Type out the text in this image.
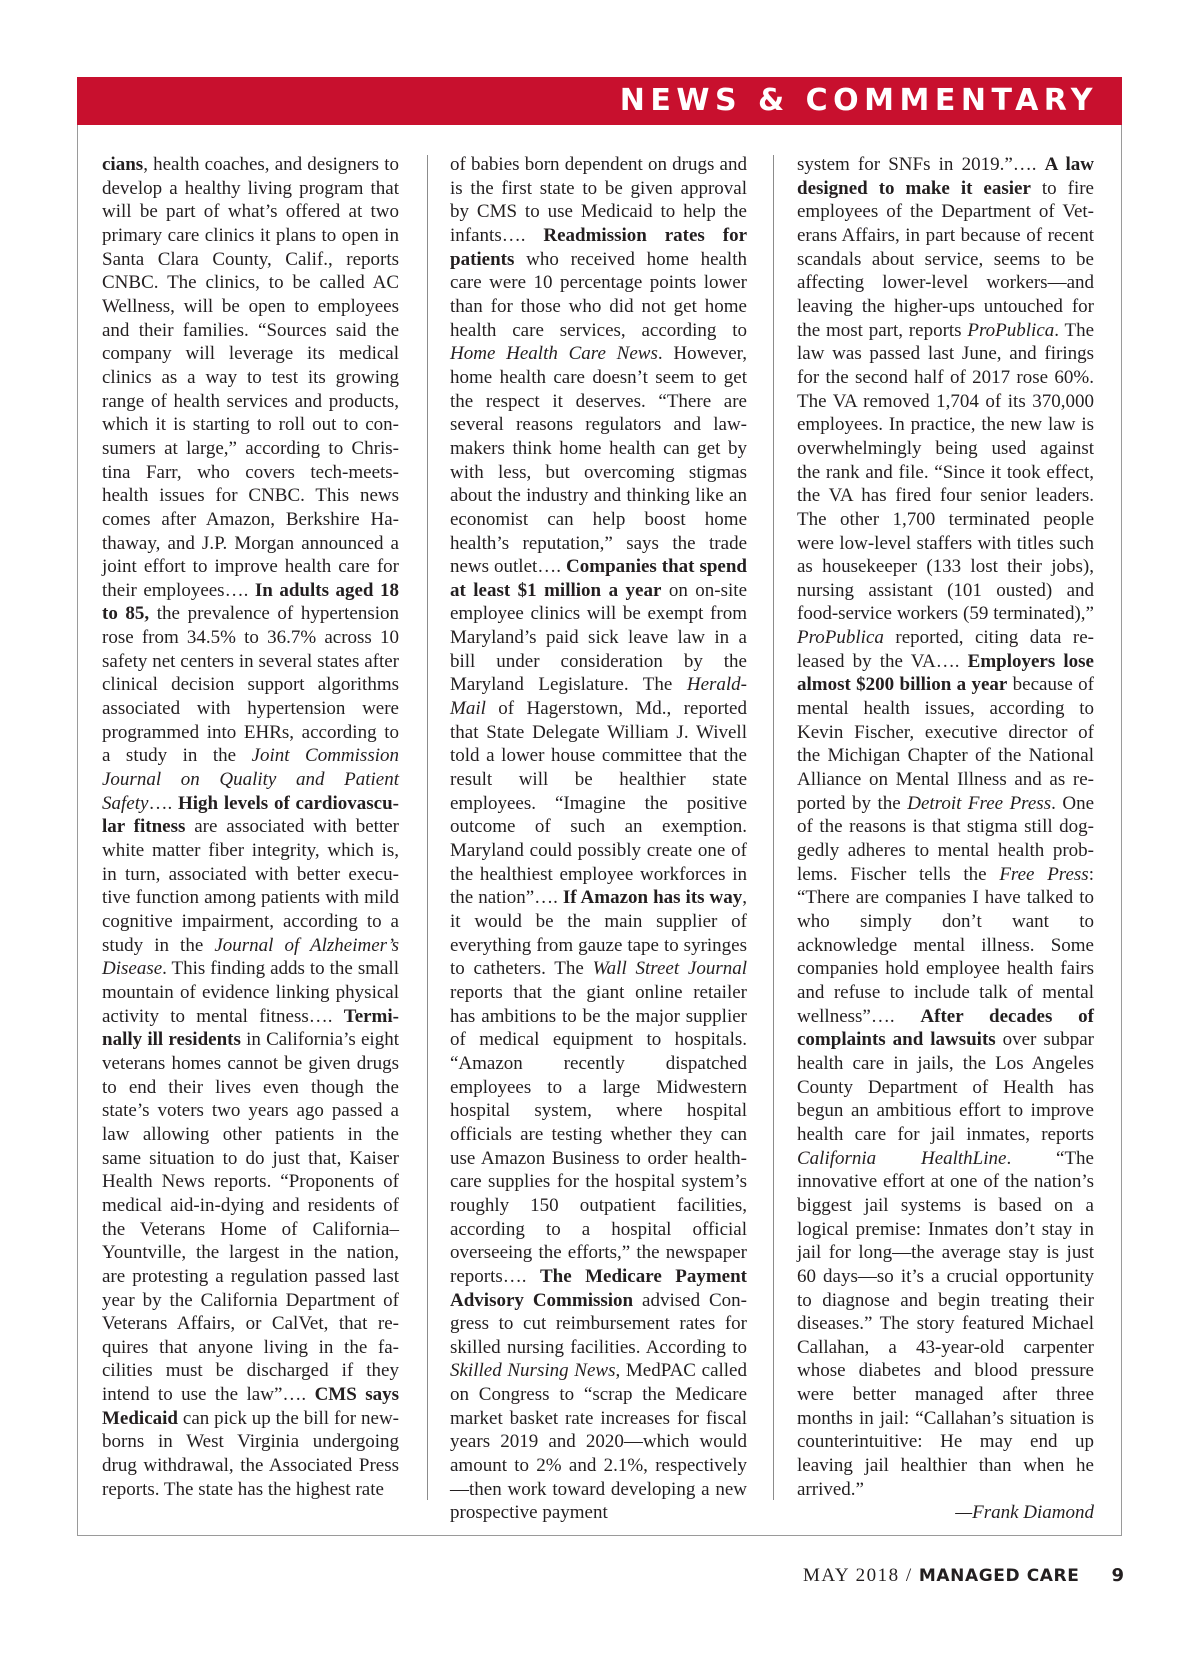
NEWS & COMMENTARY

cians, health coaches, and designers to develop a healthy living program that will be part of what’s offered at two primary care clinics it plans to open in Santa Clara County, Calif., reports CNBC. The clinics, to be called AC Wellness, will be open to employees and their families. “Sources said the company will leverage its medical clinics as a way to test its growing range of health services and products, which it is starting to roll out to consumers at large,” according to Christina Farr, who covers tech-meets-health issues for CNBC. This news comes after Amazon, Berkshire Hathaway, and J.P. Morgan announced a joint effort to improve health care for their employees…. In adults aged 18 to 85, the prevalence of hypertension rose from 34.5% to 36.7% across 10 safety net centers in several states after clinical decision support algorithms associated with hypertension were programmed into EHRs, according to a study in the Joint Commission Journal on Quality and Patient Safety…. High levels of cardiovascular fitness are associated with better white matter fiber integrity, which is, in turn, associated with better executive function among patients with mild cognitive impairment, according to a study in the Journal of Alzheimer’s Disease. This finding adds to the small mountain of evidence linking physical activity to mental fitness…. Terminally ill residents in California’s eight veterans homes cannot be given drugs to end their lives even though the state’s voters two years ago passed a law allowing other patients in the same situation to do just that, Kaiser Health News reports. “Proponents of medical aid-in-dying and residents of the Veterans Home of California–Yountville, the largest in the nation, are protesting a regulation passed last year by the California Department of Veterans Affairs, or CalVet, that requires that anyone living in the facilities must be discharged if they intend to use the law”…. CMS says Medicaid can pick up the bill for newborns in West Virginia undergoing drug withdrawal, the Associated Press reports. The state has the highest rate

of babies born dependent on drugs and is the first state to be given approval by CMS to use Medicaid to help the infants…. Readmission rates for patients who received home health care were 10 percentage points lower than for those who did not get home health care services, according to Home Health Care News. However, home health care doesn’t seem to get the respect it deserves. “There are several reasons regulators and lawmakers think home health can get by with less, but overcoming stigmas about the industry and thinking like an economist can help boost home health’s reputation,” says the trade news outlet…. Companies that spend at least $1 million a year on on-site employee clinics will be exempt from Maryland’s paid sick leave law in a bill under consideration by the Maryland Legislature. The Herald-Mail of Hagerstown, Md., reported that State Delegate William J. Wivell told a lower house committee that the result will be healthier state employees. “Imagine the positive outcome of such an exemption. Maryland could possibly create one of the healthiest employee workforces in the nation”…. If Amazon has its way, it would be the main supplier of everything from gauze tape to syringes to catheters. The Wall Street Journal reports that the giant online retailer has ambitions to be the major supplier of medical equipment to hospitals. “Amazon recently dispatched employees to a large Midwestern hospital system, where hospital officials are testing whether they can use Amazon Business to order health-care supplies for the hospital system’s roughly 150 outpatient facilities, according to a hospital official overseeing the efforts,” the newspaper reports…. The Medicare Payment Advisory Commission advised Congress to cut reimbursement rates for skilled nursing facilities. According to Skilled Nursing News, MedPAC called on Congress to “scrap the Medicare market basket rate increases for fiscal years 2019 and 2020—which would amount to 2% and 2.1%, respectively—then work toward developing a new prospective payment

system for SNFs in 2019.”…. A law designed to make it easier to fire employees of the Department of Veterans Affairs, in part because of recent scandals about service, seems to be affecting lower-level workers—and leaving the higher-ups untouched for the most part, reports ProPublica. The law was passed last June, and firings for the second half of 2017 rose 60%. The VA removed 1,704 of its 370,000 employees. In practice, the new law is overwhelmingly being used against the rank and file. “Since it took effect, the VA has fired four senior leaders. The other 1,700 terminated people were low-level staffers with titles such as housekeeper (133 lost their jobs), nursing assistant (101 ousted) and food-service workers (59 terminated),” ProPublica reported, citing data released by the VA…. Employers lose almost $200 billion a year because of mental health issues, according to Kevin Fischer, executive director of the Michigan Chapter of the National Alliance on Mental Illness and as reported by the Detroit Free Press. One of the reasons is that stigma still doggedly adheres to mental health problems. Fischer tells the Free Press: “There are companies I have talked to who simply don’t want to acknowledge mental illness. Some companies hold employee health fairs and refuse to include talk of mental wellness”…. After decades of complaints and lawsuits over subpar health care in jails, the Los Angeles County Department of Health has begun an ambitious effort to improve health care for jail inmates, reports California HealthLine. “The innovative effort at one of the nation’s biggest jail systems is based on a logical premise: Inmates don’t stay in jail for long—the average stay is just 60 days—so it’s a crucial opportunity to diagnose and begin treating their diseases.” The story featured Michael Callahan, a 43-year-old carpenter whose diabetes and blood pressure were better managed after three months in jail: “Callahan’s situation is counterintuitive: He may end up leaving jail healthier than when he arrived.”

—Frank Diamond

MAY 2018 / MANAGED CARE 9
